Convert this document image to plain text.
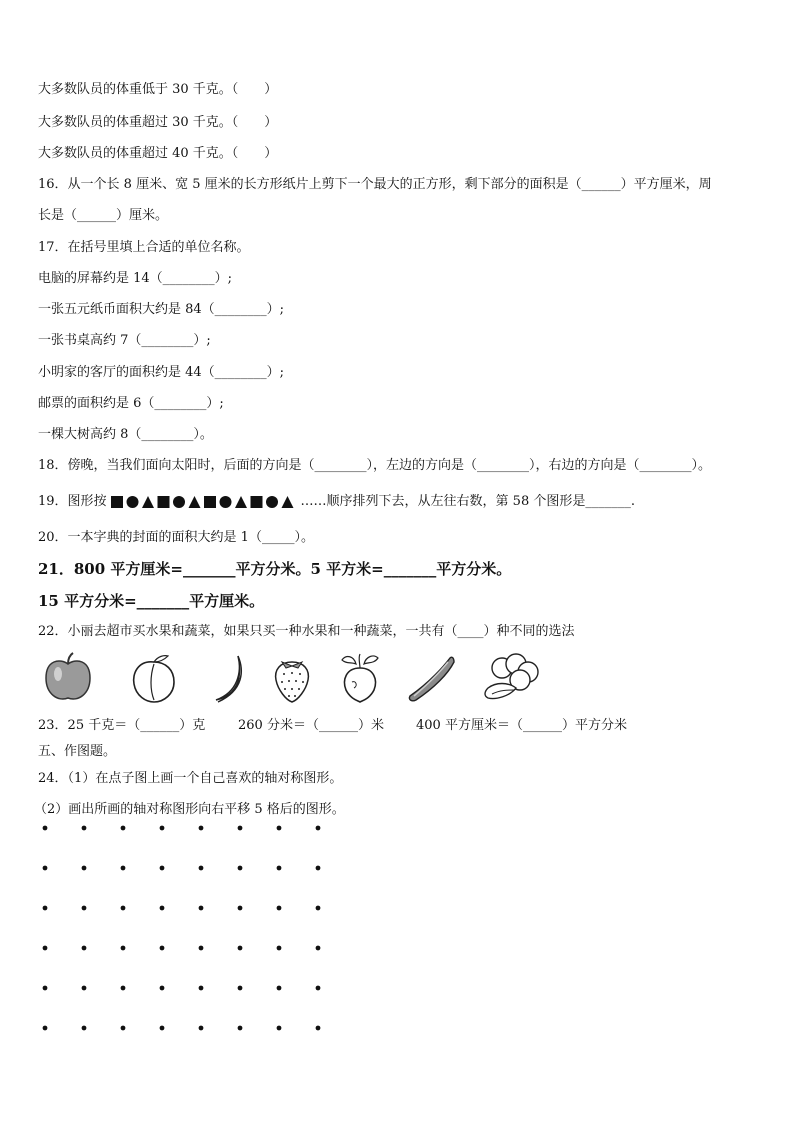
大多数队员的体重低于 30 千克。（　　）
大多数队员的体重超过 30 千克。（　　）
大多数队员的体重超过 40 千克。（　　）
16．从一个长 8 厘米、宽 5 厘米的长方形纸片上剪下一个最大的正方形，剩下部分的面积是（______）平方厘米，周
长是（______）厘米。
17．在括号里填上合适的单位名称。
电脑的屏幕约是 14（________）;
一张五元纸币面积大约是 84（________）;
一张书桌高约 7（________）;
小明家的客厅的面积约是 44（________）;
邮票的面积约是 6（________）;
一棵大树高约 8（________）。
18．傍晚，当我们面向太阳时，后面的方向是（________），左边的方向是（________），右边的方向是（________）。
19．图形按	……顺序排列下去，从左往右数，第 58 个图形是_______.
20．一本字典的封面的面积大约是 1（_____）。
21．800 平方厘米=_______平方分米。5 平方米=_______平方分米。
15 平方分米=_______平方厘米。
22．小丽去超市买水果和蔬菜，如果只买一种水果和一种蔬菜，一共有（____）种不同的选法
23．25 千克＝（______）克	260 分米＝（______）米 400 平方厘米＝（______）平方分米
五、作图题。
24．（1）在点子图上画一个自己喜欢的轴对称图形。
（2）画出所画的轴对称图形向右平移 5 格后的图形。
